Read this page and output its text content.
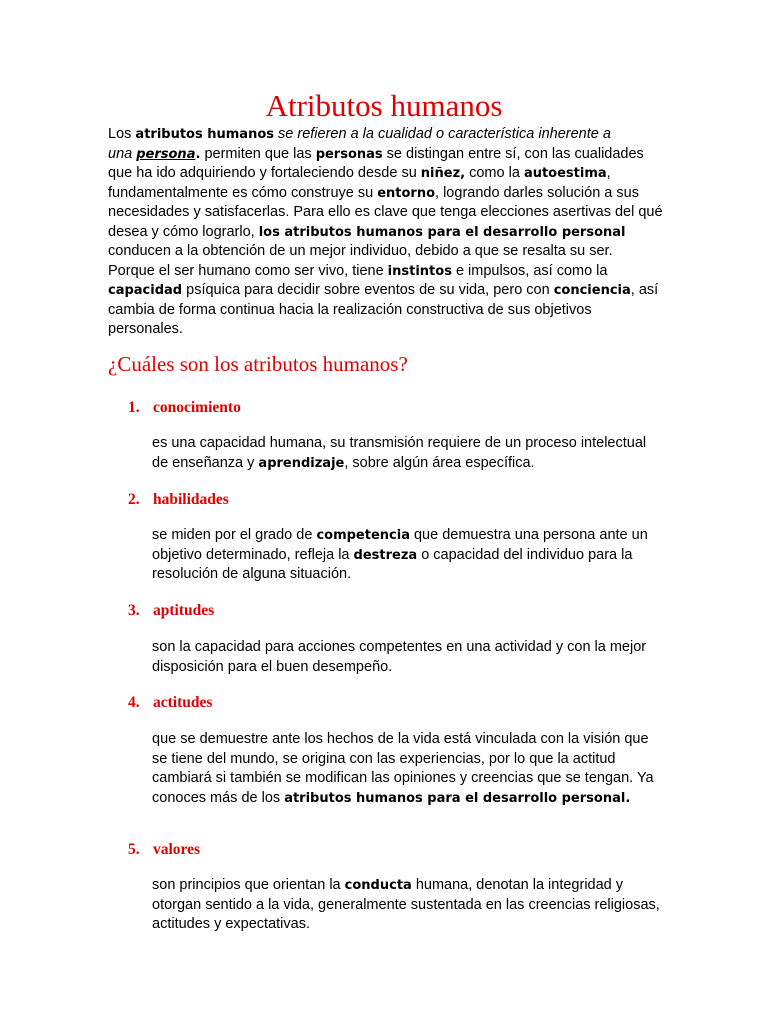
Atributos humanos

Los atributos humanos se refieren a la cualidad o característica inherente a
una persona. permiten que las personas se distingan entre sí, con las cualidades que ha ido adquiriendo y fortaleciendo desde su niñez, como la autoestima, fundamentalmente es cómo construye su entorno, logrando darles solución a sus necesidades y satisfacerlas. Para ello es clave que tenga elecciones asertivas del qué desea y cómo lograrlo, los atributos humanos para el desarrollo personal conducen a la obtención de un mejor individuo, debido a que se resalta su ser. Porque el ser humano como ser vivo, tiene instintos e impulsos, así como la capacidad psíquica para decidir sobre eventos de su vida, pero con conciencia, así cambia de forma continua hacia la realización constructiva de sus objetivos personales.

¿Cuáles son los atributos humanos?
1. conocimiento

es una capacidad humana, su transmisión requiere de un proceso intelectual de enseñanza y aprendizaje, sobre algún área específica.

2. habilidades

se miden por el grado de competencia que demuestra una persona ante un objetivo determinado, refleja la destreza o capacidad del individuo para la resolución de alguna situación.

3. aptitudes

son la capacidad para acciones competentes en una actividad y con la mejor disposición para el buen desempeño.

4. actitudes

que se demuestre ante los hechos de la vida está vinculada con la visión que se tiene del mundo, se origina con las experiencias, por lo que la actitud cambiará si también se modifican las opiniones y creencias que se tengan. Ya conoces más de los atributos humanos para el desarrollo personal.

5. valores

son principios que orientan la conducta humana, denotan la integridad y otorgan sentido a la vida, generalmente sustentada en las creencias religiosas, actitudes y expectativas.
